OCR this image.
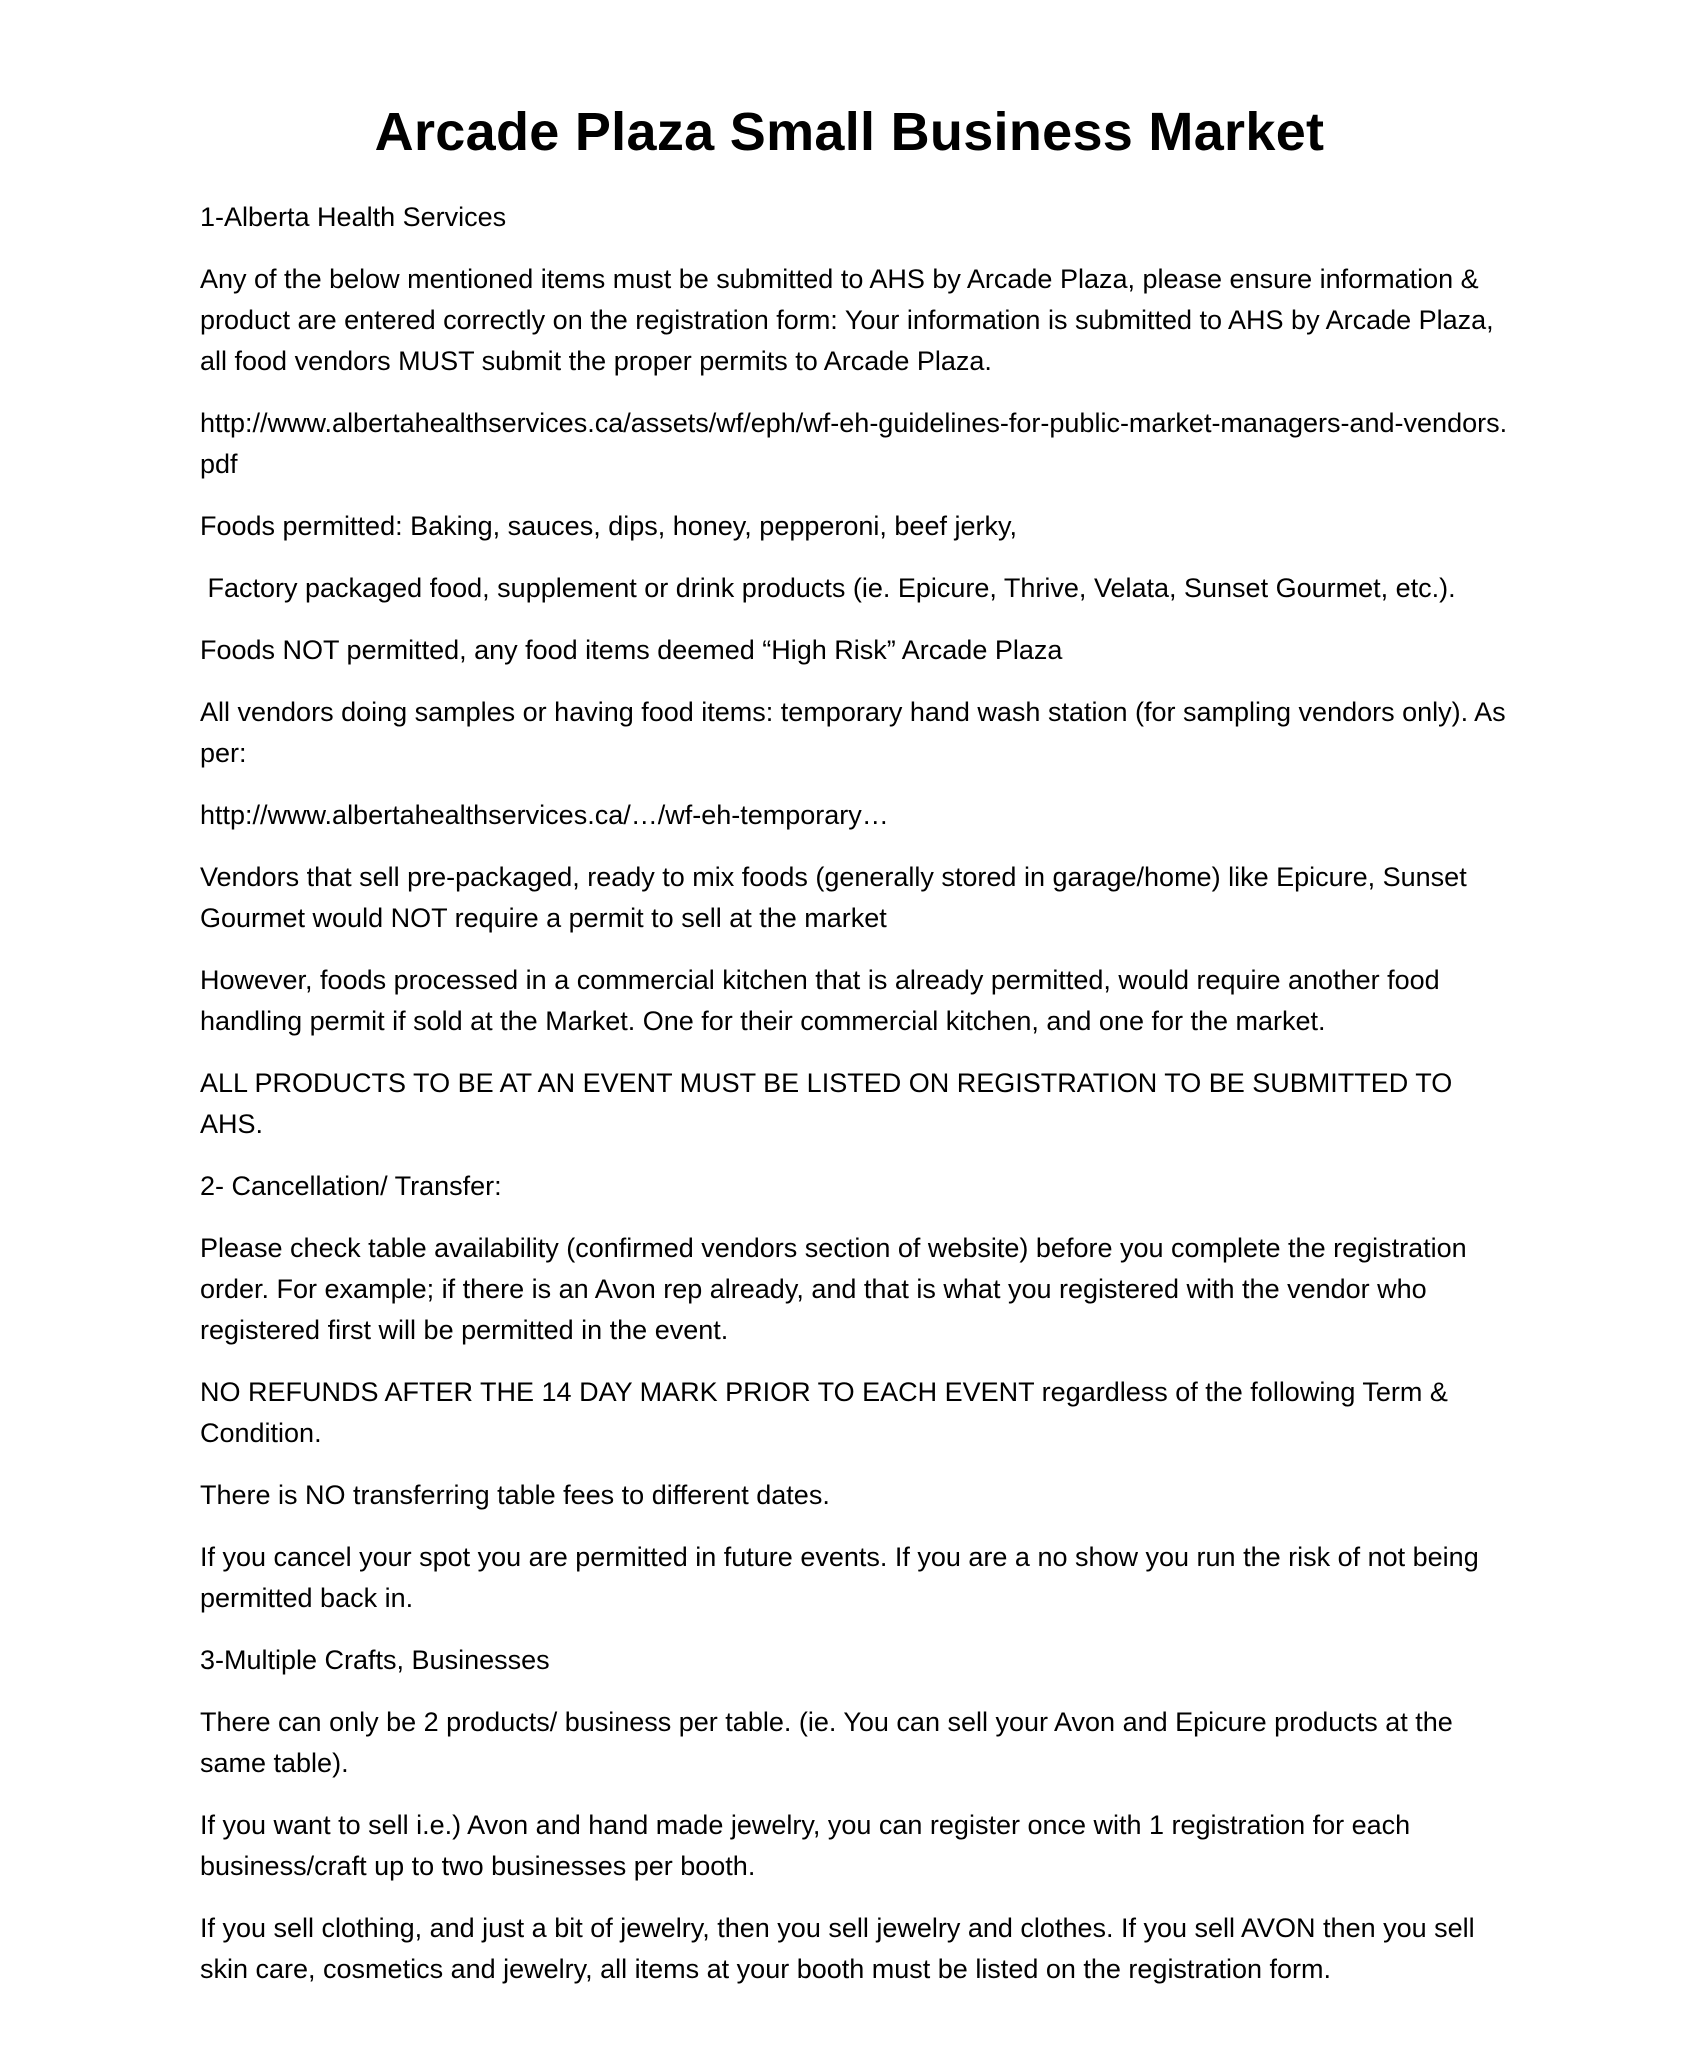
Arcade Plaza Small Business Market

1-Alberta Health Services

Any of the below mentioned items must be submitted to AHS by Arcade Plaza, please ensure information & product are entered correctly on the registration form: Your information is submitted to AHS by Arcade Plaza, all food vendors MUST submit the proper permits to Arcade Plaza.

http://www.albertahealthservices.ca/assets/wf/eph/wf-eh-guidelines-for-public-market-managers-and-vendors.pdf

Foods permitted: Baking, sauces, dips, honey, pepperoni, beef jerky,

Factory packaged food, supplement or drink products (ie. Epicure, Thrive, Velata, Sunset Gourmet, etc.).

Foods NOT permitted, any food items deemed “High Risk” Arcade Plaza

All vendors doing samples or having food items: temporary hand wash station (for sampling vendors only). As per:

http://www.albertahealthservices.ca/…/wf-eh-temporary…

Vendors that sell pre-packaged, ready to mix foods (generally stored in garage/home) like Epicure, Sunset Gourmet would NOT require a permit to sell at the market

However, foods processed in a commercial kitchen that is already permitted, would require another food handling permit if sold at the Market. One for their commercial kitchen, and one for the market.

ALL PRODUCTS TO BE AT AN EVENT MUST BE LISTED ON REGISTRATION TO BE SUBMITTED TO AHS.

2- Cancellation/ Transfer:

Please check table availability (confirmed vendors section of website) before you complete the registration order. For example; if there is an Avon rep already, and that is what you registered with the vendor who registered first will be permitted in the event.

NO REFUNDS AFTER THE 14 DAY MARK PRIOR TO EACH EVENT regardless of the following Term & Condition.

There is NO transferring table fees to different dates.

If you cancel your spot you are permitted in future events. If you are a no show you run the risk of not being permitted back in.

3-Multiple Crafts, Businesses

There can only be 2 products/ business per table. (ie. You can sell your Avon and Epicure products at the same table).

If you want to sell i.e.) Avon and hand made jewelry, you can register once with 1 registration for each business/craft up to two businesses per booth.

If you sell clothing, and just a bit of jewelry, then you sell jewelry and clothes. If you sell AVON then you sell skin care, cosmetics and jewelry, all items at your booth must be listed on the registration form.
